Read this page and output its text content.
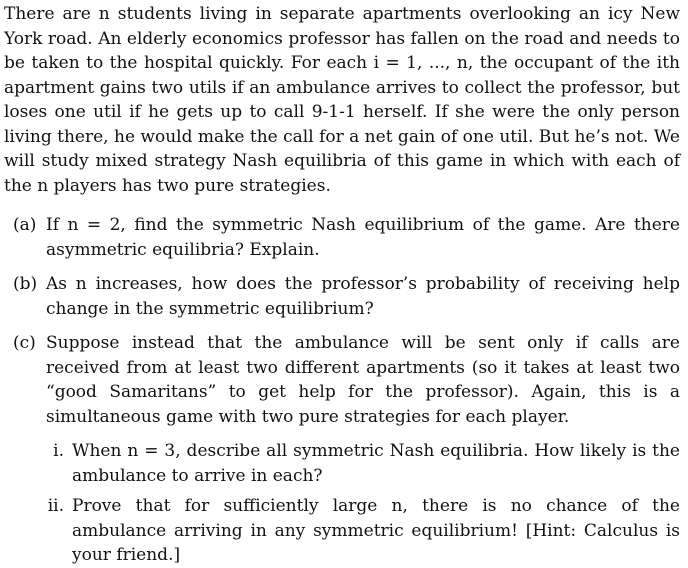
There are n students living in separate apartments overlooking an icy New York road. An elderly economics professor has fallen on the road and needs to be taken to the hospital quickly. For each i = 1, ..., n, the occupant of the ith apartment gains two utils if an ambulance arrives to collect the professor, but loses one util if he gets up to call 9-1-1 herself. If she were the only person living there, he would make the call for a net gain of one util. But he’s not. We will study mixed strategy Nash equilibria of this game in which with each of the n players has two pure strategies.

(a) If n = 2, find the symmetric Nash equilibrium of the game. Are there asymmetric equilibria? Explain.
(b) As n increases, how does the professor’s probability of receiving help change in the symmetric equilibrium?
(c) Suppose instead that the ambulance will be sent only if calls are received from at least two different apartments (so it takes at least two “good Samaritans” to get help for the professor). Again, this is a simultaneous game with two pure strategies for each player.
i. When n = 3, describe all symmetric Nash equilibria. How likely is the ambulance to arrive in each?
ii. Prove that for sufficiently large n, there is no chance of the ambulance arriving in any symmetric equilibrium! [Hint: Calculus is your friend.]
